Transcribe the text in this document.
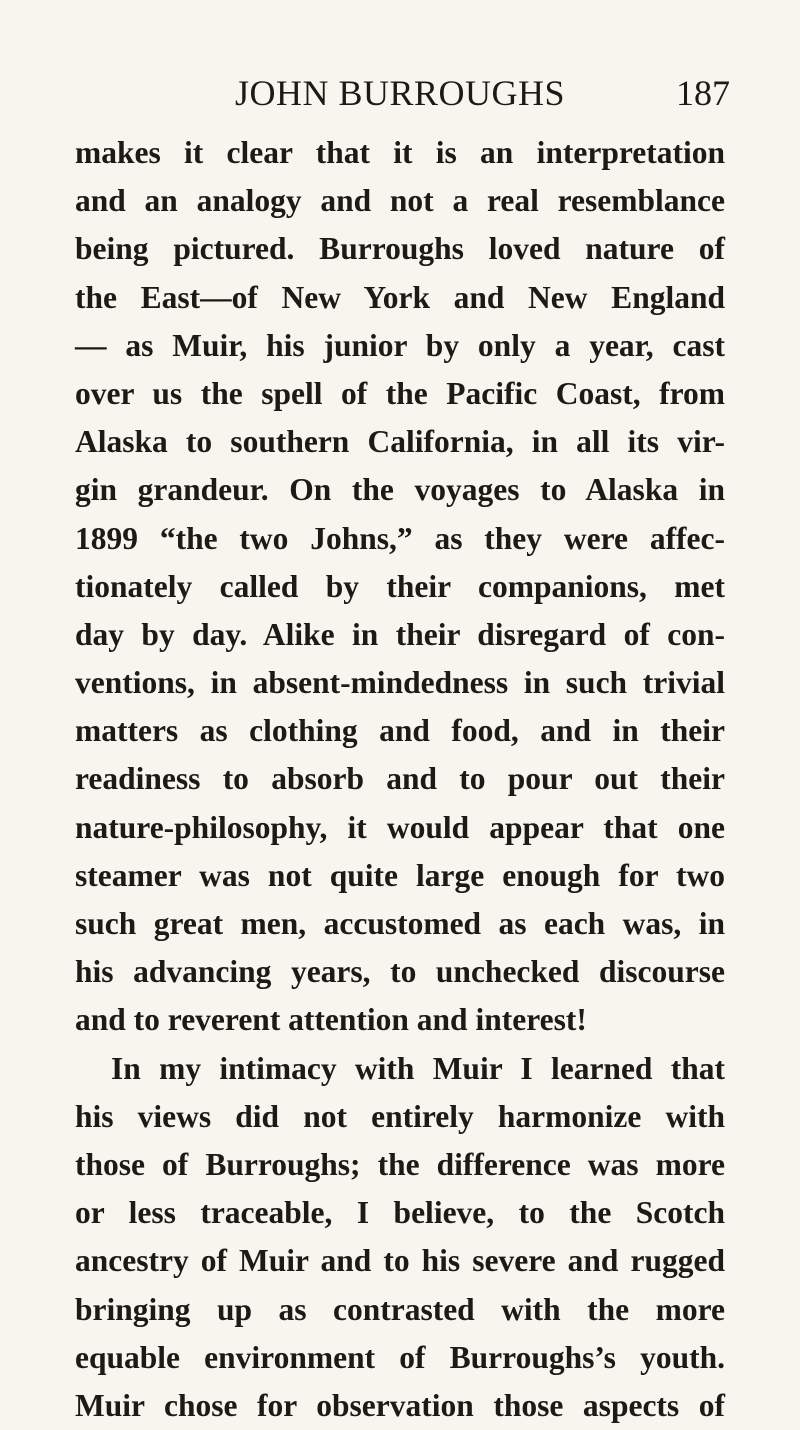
JOHN BURROUGHS	187
makes it clear that it is an interpretation
and an analogy and not a real resemblance
being pictured. Burroughs loved nature of
the East—of New York and New England
— as Muir, his junior by only a year, cast
over us the spell of the Pacific Coast, from
Alaska to southern California, in all its vir-
gin grandeur. On the voyages to Alaska in
1899 “the two Johns,” as they were affec-
tionately called by their companions, met
day by day. Alike in their disregard of con-
ventions, in absent-mindedness in such trivial
matters as clothing and food, and in their
readiness to absorb and to pour out their
nature-philosophy, it would appear that one
steamer was not quite large enough for two
such great men, accustomed as each was, in
his advancing years, to unchecked discourse
and to reverent attention and interest!
In my intimacy with Muir I learned that
his views did not entirely harmonize with
those of Burroughs; the difference was more
or less traceable, I believe, to the Scotch
ancestry of Muir and to his severe and rugged
bringing up as contrasted with the more
equable environment of Burroughs’s youth.
Muir chose for observation those aspects of
